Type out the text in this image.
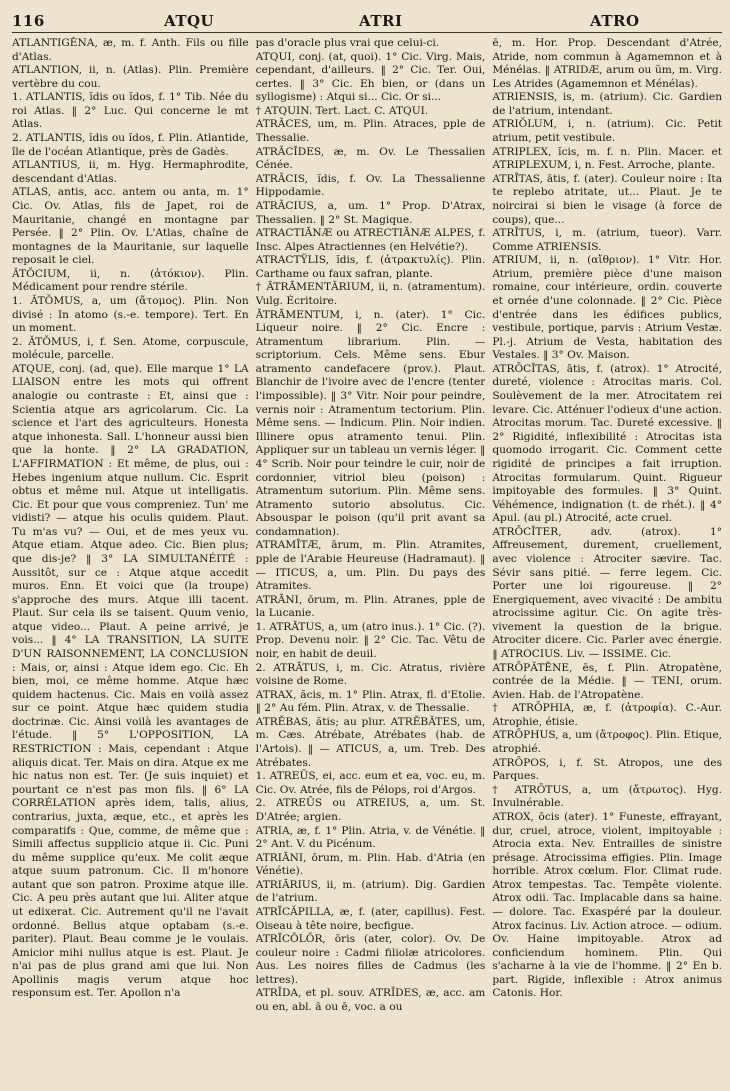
116	ATQU	ATRI	ATRO

ATLANTIGĔNA, æ, m. f. Anth. Fils ou fille d'Atlas.

ATLANTION, ii, n. (Atlas). Plin. Première vertèbre du cou.

1. ATLANTIS, ĭdis ou ĭdos, f. 1° Tib. Née du roi Atlas. ‖ 2° Luc. Qui concerne le mt Atlas.

2. ATLANTIS, ĭdis ou ĭdos, f. Plin. Atlantide, île de l'océan Atlantique, près de Gadès.

ATLANTIUS, ii, m. Hyg. Hermaphrodite, descendant d'Atlas.

ATLAS, antis, acc. antem ou anta, m. 1° Cic. Ov. Atlas, fils de Japet, roi de Mauritanie, changé en montagne par Persée. ‖ 2° Plin. Ov. L'Atlas, chaîne de montagnes de la Mauritanie, sur laquelle reposait le ciel.

ĂTŎCIUM, ii, n. (ἀτόκιον). Plin. Médicament pour rendre stérile.

1. ĂTŎMUS, a, um (ἄτομος). Plin. Non divisé : In atomo (s.-e. tempore). Tert. En un moment.

2. ĂTŎMUS, i, f. Sen. Atome, corpuscule, molécule, parcelle.

ATQUE, conj. (ad, que). Elle marque 1° LA LIAISON entre les mots qui offrent analogie ou contraste : Et, ainsi que : Scientia atque ars agricolarum. Cic. La science et l'art des agriculteurs. Honesta atque inhonesta. Sall. L'honneur aussi bien que la honte. ‖ 2° LA GRADATION, L'AFFIRMATION : Et même, de plus, oui : Hebes ingenium atque nullum. Cic. Esprit obtus et même nul. Atque ut intelligatis. Cic. Et pour que vous compreniez. Tun' me vidisti? — atque his oculis quidem. Plaut. Tu m'as vu? — Oui, et de mes yeux vu. Atque etiam. Atque adeo. Cic. Bien plus; que dis-je? ‖ 3° LA SIMULTANÉITÉ : Aussitôt, sur ce : Atque atque accedit muros. Enn. Et voici que (la troupe) s'approche des murs. Atque illi tacent. Plaut. Sur cela ils se taisent. Quum venio, atque video... Plaut. A peine arrivé, je vois... ‖ 4° LA TRANSITION, LA SUITE D'UN RAISONNEMENT, LA CONCLUSION : Mais, or, ainsi : Atque idem ego. Cic. Eh bien, moi, ce même homme. Atque hæc quidem hactenus. Cic. Mais en voilà assez sur ce point. Atque hæc quidem studia doctrinæ. Cic. Ainsi voilà les avantages de l'étude. ‖ 5° L'OPPOSITION, LA RESTRICTION : Mais, cependant : Atque aliquis dicat. Ter. Mais on dira. Atque ex me hic natus non est. Ter. (Je suis inquiet) et pourtant ce n'est pas mon fils. ‖ 6° LA CORRÉLATION après idem, talis, alius, contrarius, juxta, æque, etc., et après les comparatifs : Que, comme, de même que : Simili affectus supplicio atque ii. Cic. Puni du même supplice qu'eux. Me colit æque atque suum patronum. Cic. Il m'honore autant que son patron. Proxime atque ille. Cic. A peu près autant que lui. Aliter atque ut edixerat. Cic. Autrement qu'il ne l'avait ordonné. Bellus atque optabam (s.-e. pariter). Plaut. Beau comme je le voulais. Amicior mihi nullus atque is est. Plaut. Je n'ai pas de plus grand ami que lui. Non Apollinis magis verum atque hoc responsum est. Ter. Apollon n'a

pas d'oracle plus vrai que celui-ci.

ATQUI, conj. (at, quoi). 1° Cic. Virg. Mais, cependant, d'ailleurs. ‖ 2° Cic. Ter. Oui, certes. ‖ 3° Cic. Eh bien, or (dans un syllogisme) : Atqui si... Cic. Or si...

† ATQUIN. Tert. Lact. C. ATQUI.

ATRĂCES, um, m. Plin. Atraces, pple de Thessalie.

ATRĂCĬDES, æ, m. Ov. Le Thessalien Cénée.

ATRĂCIS, ĭdis, f. Ov. La Thessalienne Hippodamie.

ATRĂCIUS, a, um. 1° Prop. D'Atrax, Thessalien. ‖ 2° St. Magique.

ATRACTIĀNÆ ou ATRECTIĀNÆ ALPES, f. Insc. Alpes Atractiennes (en Helvétie?).

ATRACTŸLIS, ĭdis, f. (ἀτρακτυλίς). Plin. Carthame ou faux safran, plante.

† ĀTRĀMENTĀRIUM, ii, n. (atramentum). Vulg. Écritoire.

ĀTRĀMENTUM, i, n. (ater). 1° Cic. Liqueur noire. ‖ 2° Cic. Encre : Atramentum librarium. Plin. — scriptorium. Cels. Même sens. Ebur atramento candefacere (prov.). Plaut. Blanchir de l'ivoire avec de l'encre (tenter l'impossible). ‖ 3° Vitr. Noir pour peindre, vernis noir : Atramentum tectorium. Plin. Même sens. — Indicum. Plin. Noir indien. Illinere opus atramento tenui. Plin. Appliquer sur un tableau un vernis léger. ‖ 4° Scrib. Noir pour teindre le cuir, noir de cordonnier, vitriol bleu (poison) : Atramentum sutorium. Plin. Même sens. Atramento sutorio absolutus. Cic. Absouspar le poison (qu'il prit avant sa condamnation).

ATRAMĪTÆ, ārum, m. Plin. Atramites, pple de l'Arabie Heureuse (Hadramaut). ‖ — ITICUS, a, um. Plin. Du pays des Atramites.

ATRĀNI, ōrum, m. Plin. Atranes, pple de la Lucanie.

1. ATRĀTUS, a, um (atro inus.). 1° Cic. (?). Prop. Devenu noir. ‖ 2° Cic. Tac. Vêtu de noir, en habit de deuil.

2. ATRĀTUS, i, m. Cic. Atratus, rivière voisine de Rome.

ATRAX, ăcis, m. 1° Plin. Atrax, fl. d'Etolie. ‖ 2° Au fém. Plin. Atrax, v. de Thessalie.

ATRĔBAS, ătis; au plur. ATRĔBĂTES, um, m. Cæs. Atrébate, Atrébates (hab. de l'Artois). ‖ — ATICUS, a, um. Treb. Des Atrébates.

1. ATREŪS, ei, acc. eum et ea, voc. eu, m. Cic. Ov. Atrée, fils de Pélops, roi d'Argos.

2. ATREŪS ou ATREIUS, a, um. St. D'Atrée; argien.

ATRIA, æ, f. 1° Plin. Atria, v. de Vénétie. ‖ 2° Ant. V. du Picénum.

ATRIĀNI, ōrum, m. Plin. Hab. d'Atria (en Vénétie).

ATRIĀRIUS, ii, m. (atrium). Dig. Gardien de l'atrium.

ATRĪCĂPILLA, æ, f. (ater, capillus). Fest. Oiseau à tête noire, becfigue.

ATRĪCŎLŎR, ōris (ater, color). Ov. De couleur noire : Cadmi filiolæ atricolores. Aus. Les noires filles de Cadmus (les lettres).

ATRĪDA, et pl. souv. ATRĪDES, æ, acc. am ou en, abl. ā ou ē, voc. a ou

ē, m. Hor. Prop. Descendant d'Atrée, Atride, nom commun à Agamemnon et à Ménélas. ‖ ATRIDÆ, arum ou ŭm, m. Virg. Les Atrides (Agamemnon et Ménélas).

ATRIENSIS, is, m. (atrium). Cic. Gardien de l'atrium, intendant.

ATRIŎLUM, i, n. (atrium). Cic. Petit atrium, petit vestibule.

ATRIPLEX, ĭcis, m. f. n. Plin. Macer. et ATRIPLEXUM, i, n. Fest. Arroche, plante.

ATRĪTAS, ātis, f. (ater). Couleur noire : Ita te replebo atritate, ut... Plaut. Je te noircirai si bien le visage (à force de coups), que...

ATRĪTUS, i, m. (atrium, tueor). Varr. Comme ATRIENSIS.

ATRIUM, ii, n. (αἴθριον). 1° Vitr. Hor. Atrium, première pièce d'une maison romaine, cour intérieure, ordin. couverte et ornée d'une colonnade. ‖ 2° Cic. Pièce d'entrée dans les édifices publics, vestibule, portique, parvis : Atrium Vestæ. Pl.-j. Atrium de Vesta, habitation des Vestales. ‖ 3° Ov. Maison.

ATRŌCĬTAS, ātis, f. (atrox). 1° Atrocité, dureté, violence : Atrocitas maris. Col. Soulèvement de la mer. Atrocitatem rei levare. Cic. Atténuer l'odieux d'une action. Atrocitas morum. Tac. Dureté excessive. ‖ 2° Rigidité, inflexibilité : Atrocitas ista quomodo irrogarit. Cic. Comment cette rigidité de principes a fait irruption. Atrocitas formularum. Quint. Rigueur impitoyable des formules. ‖ 3° Quint. Véhémence, indignation (t. de rhét.). ‖ 4° Apul. (au pl.) Atrocité, acte cruel.

ATRŌCĬTER, adv. (atrox). 1° Affreusement, durement, cruellement, avec violence : Atrociter sævire. Tac. Sévir sans pitié. — ferre legem. Cic. Porter une loi rigoureuse. ‖ 2° Energiquement, avec vivacité : De ambitu atrocissime agitur. Cic. On agite très-vivement la question de la brigue. Atrociter dicere. Cic. Parler avec énergie. ‖ ATROCIUS. Liv. — ISSIME. Cic.

ATRŌPĂTĒNE, ēs, f. Plin. Atropatène, contrée de la Médie. ‖ — TENI, orum. Avien. Hab. de l'Atropatène.

† ATRŌPHIA, æ, f. (ἀτροφία). C.-Aur. Atrophie, étisie.

ATRŌPHUS, a, um (ἄτροφος). Plin. Etique, atrophié.

ATRŌPOS, i, f. St. Atropos, une des Parques.

† ATRŌTUS, a, um (ἄτρωτος). Hyg. Invulnérable.

ATROX, ōcis (ater). 1° Funeste, effrayant, dur, cruel, atroce, violent, impitoyable : Atrocia exta. Nev. Entrailles de sinistre présage. Atrocissima effigies. Plin. Image horrible. Atrox cœlum. Flor. Climat rude. Atrox tempestas. Tac. Tempête violente. Atrox odii. Tac. Implacable dans sa haine. — dolore. Tac. Exaspéré par la douleur. Atrox facinus. Liv. Action atroce. — odium. Ov. Haine impitoyable. Atrox ad conficiendum hominem. Plin. Qui s'acharne à la vie de l'homme. ‖ 2° En b. part. Rigide, inflexible : Atrox animus Catonis. Hor.
